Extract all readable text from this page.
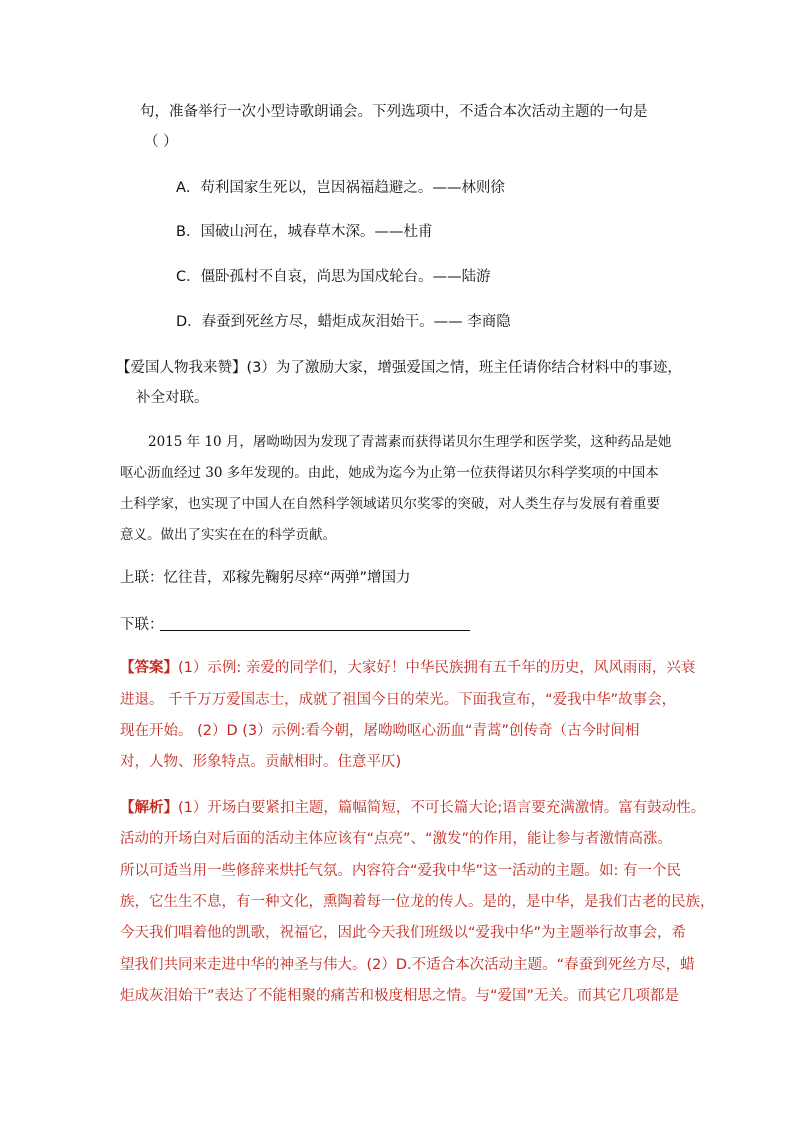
句，准备举行一次小型诗歌朗诵会。下列选项中，不适合本次活动主题的一句是
（ ）
A．苟利国家生死以，岂因祸福趋避之。——林则徐
B．国破山河在，城春草木深。——杜甫
C．僵卧孤村不自哀，尚思为国戍轮台。——陆游
D．春蚕到死丝方尽，蜡炬成灰泪始干。—— 李商隐
【爱国人物我来赞】(3）为了激励大家，增强爱国之情，班主任请你结合材料中的事迹，
补全对联。
2015 年 10 月，屠呦呦因为发现了青蒿素而获得诺贝尔生理学和医学奖，这种药品是她
呕心沥血经过 30 多年发现的。由此，她成为迄今为止第一位获得诺贝尔科学奖项的中国本
土科学家，也实现了中国人在自然科学领域诺贝尔奖零的突破，对人类生存与发展有着重要
意义。做出了实实在在的科学贡献。
上联：忆往昔，邓稼先鞠躬尽瘁“两弹”增国力
下联：
【答案】(1）示例: 亲爱的同学们，大家好！中华民族拥有五千年的历史，风风雨雨，兴衰
进退。 千千万万爱国志士，成就了祖国今日的荣光。下面我宣布，“爱我中华”故事会，
现在开始。 (2）D (3）示例:看今朝，屠呦呦呕心沥血“青蒿”创传奇（古今时间相
对，人物、形象特点。贡献相时。住意平仄)
【解析】(1）开场白要紧扣主题，篇幅简短，不可长篇大论;语言要充满激情。富有鼓动性。
活动的开场白对后面的活动主体应该有“点亮”、“激发”的作用，能让参与者激情高涨。
所以可适当用一些修辞来烘托气氛。内容符合“爱我中华”这一活动的主题。如: 有一个民
族，它生生不息，有一种文化，熏陶着每一位龙的传人。是的，是中华，是我们古老的民族，
今天我们唱着他的凯歌，祝福它，因此今天我们班级以“爱我中华”为主题举行故事会，希
望我们共同来走进中华的神圣与伟大。(2）D.不适合本次活动主题。“春蚕到死丝方尽，蜡
炬成灰泪始干”表达了不能相聚的痛苦和极度相思之情。与“爱国”无关。而其它几项都是
